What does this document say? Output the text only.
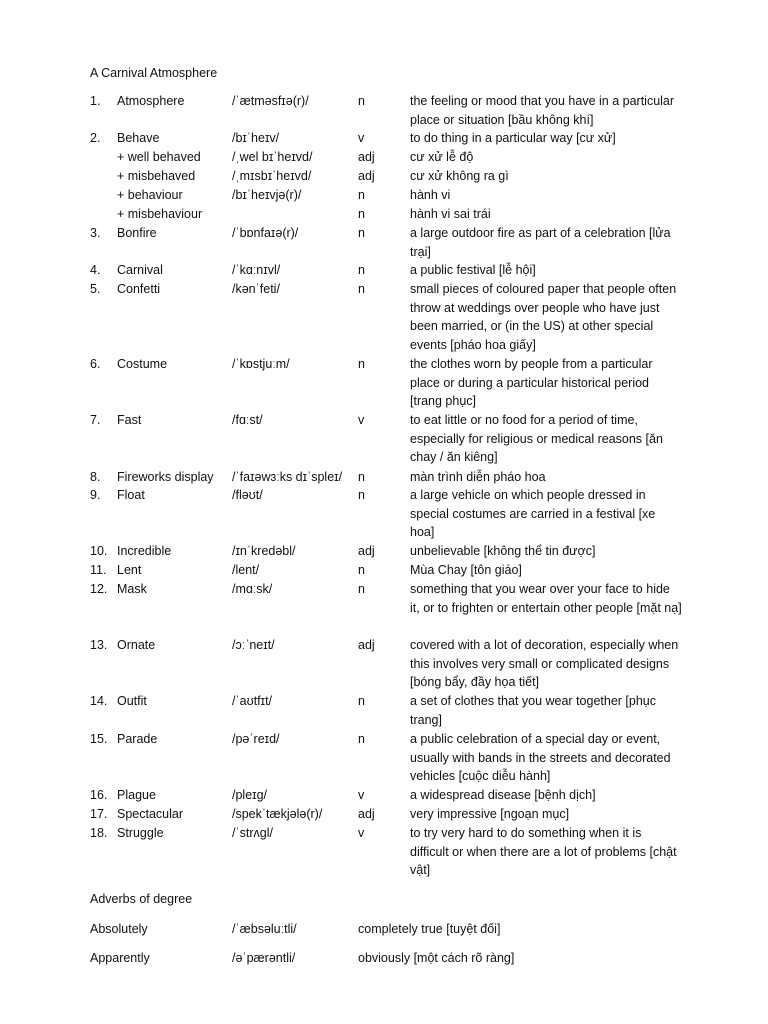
A Carnival Atmosphere
1. Atmosphere	/ˈætməsfɪə(r)/	n	the feeling or mood that you have in a particular place or situation [bầu không khí]
2. Behave	/bɪˈheɪv/	v	to do thing in a particular way [cư xử]
+ well behaved	/ˌwel bɪˈheɪvd/	adj	cư xử lễ độ
+ misbehaved	/ˌmɪsbɪˈheɪvd/	adj	cư xử không ra gì
+ behaviour	/bɪˈheɪvjə(r)/	n	hành vi
+ misbehaviour	n	hành vi sai trái
3. Bonfire	/ˈbɒnfaɪə(r)/	n	a large outdoor fire as part of a celebration [lửa trại]
4. Carnival	/ˈkɑːnɪvl/	n	a public festival [lễ hội]
5. Confetti	/kənˈfeti/	n	small pieces of coloured paper that people often throw at weddings over people who have just been married, or (in the US) at other special events [pháo hoa giấy]
6. Costume	/ˈkɒstjuːm/	n	the clothes worn by people from a particular place or during a particular historical period [trang phục]
7. Fast	/fɑːst/	v	to eat little or no food for a period of time, especially for religious or medical reasons [ăn chay / ăn kiêng]
8. Fireworks display /ˈfaɪəwɜːks dɪˈspleɪ/ n	màn trình diễn pháo hoa
9. Float	/fləʊt/	n	a large vehicle on which people dressed in special costumes are carried in a festival [xe hoa]
10. Incredible	/ɪnˈkredəbl/	adj	unbelievable [không thể tin được]
11. Lent	/lent/	n	Mùa Chay [tôn giáo]
12. Mask	/mɑːsk/	n	something that you wear over your face to hide it, or to frighten or entertain other people [mặt nạ]
13. Ornate	/ɔːˈneɪt/	adj	covered with a lot of decoration, especially when this involves very small or complicated designs [bóng bẩy, đầy họa tiết]
14. Outfit	/ˈaʊtfɪt/	n	a set of clothes that you wear together [phục trang]
15. Parade	/pəˈreɪd/	n	a public celebration of a special day or event, usually with bands in the streets and decorated vehicles [cuộc diễu hành]
16. Plague	/pleɪg/	v	a widespread disease [bệnh dịch]
17. Spectacular	/spekˈtækjələ(r)/	adj	very impressive [ngoạn mục]
18. Struggle	/ˈstrʌgl/	v	to try very hard to do something when it is difficult or when there are a lot of problems [chật vật]
Adverbs of degree
Absolutely	/ˈæbsəluːtli/	completely true [tuyệt đối]
Apparently	/əˈpærəntli/	obviously [một cách rõ ràng]
